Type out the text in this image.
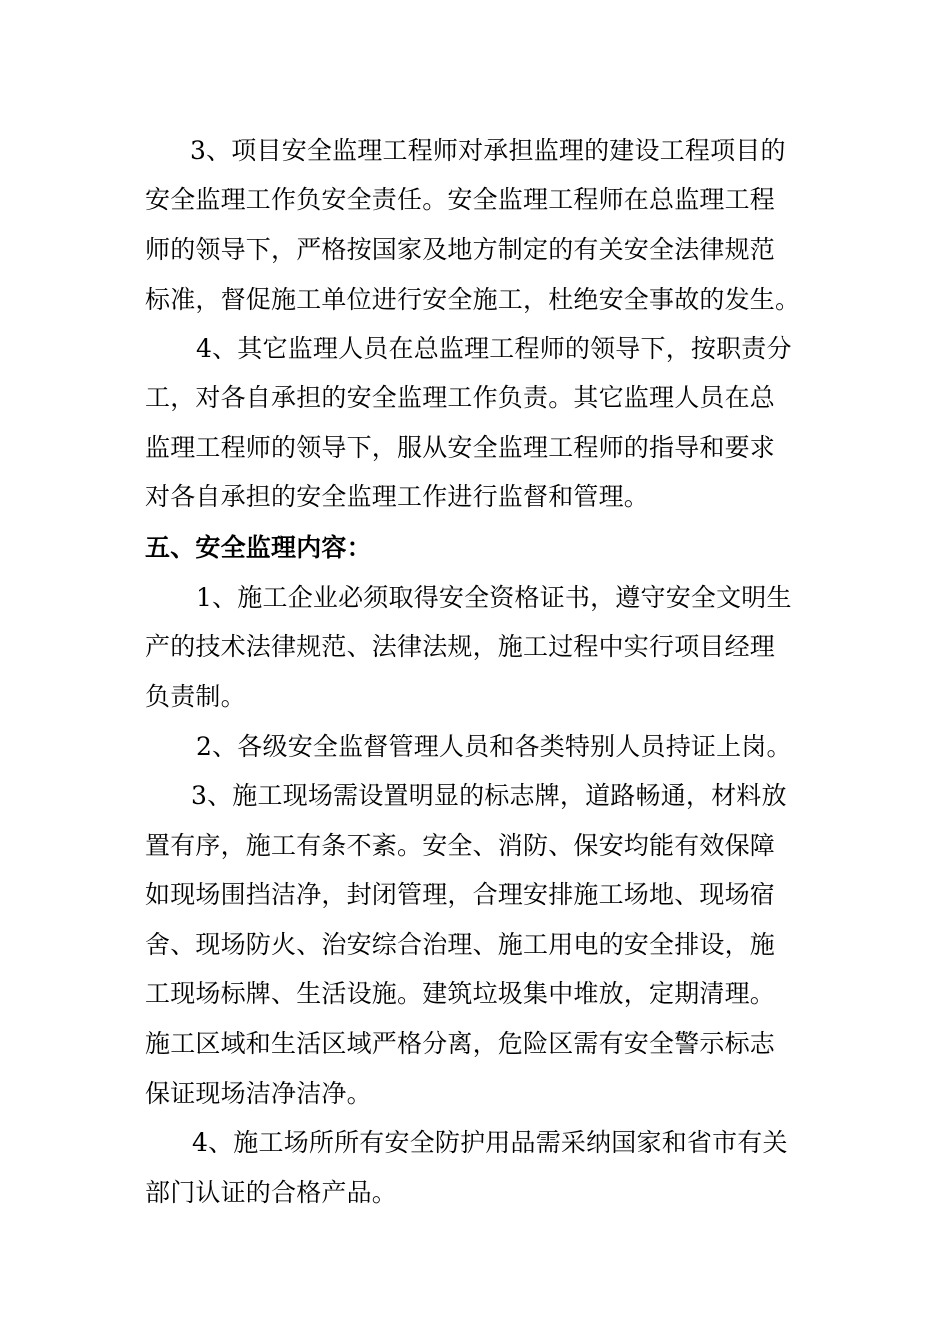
3、项目安全监理工程师对承担监理的建设工程项目的
安全监理工作负安全责任。安全监理工程师在总监理工程
师的领导下，严格按国家及地方制定的有关安全法律规范
标准，督促施工单位进行安全施工，杜绝安全事故的发生。
4、其它监理人员在总监理工程师的领导下，按职责分
工，对各自承担的安全监理工作负责。其它监理人员在总
监理工程师的领导下，服从安全监理工程师的指导和要求
对各自承担的安全监理工作进行监督和管理。
五、安全监理内容：
1、施工企业必须取得安全资格证书，遵守安全文明生
产的技术法律规范、法律法规，施工过程中实行项目经理
负责制。
2、各级安全监督管理人员和各类特别人员持证上岗。
3、施工现场需设置明显的标志牌，道路畅通，材料放
置有序，施工有条不紊。安全、消防、保安均能有效保障
如现场围挡洁净，封闭管理，合理安排施工场地、现场宿
舍、现场防火、治安综合治理、施工用电的安全排设，施
工现场标牌、生活设施。建筑垃圾集中堆放，定期清理。
施工区域和生活区域严格分离，危险区需有安全警示标志
保证现场洁净洁净。
4、施工场所所有安全防护用品需采纳国家和省市有关
部门认证的合格产品。
